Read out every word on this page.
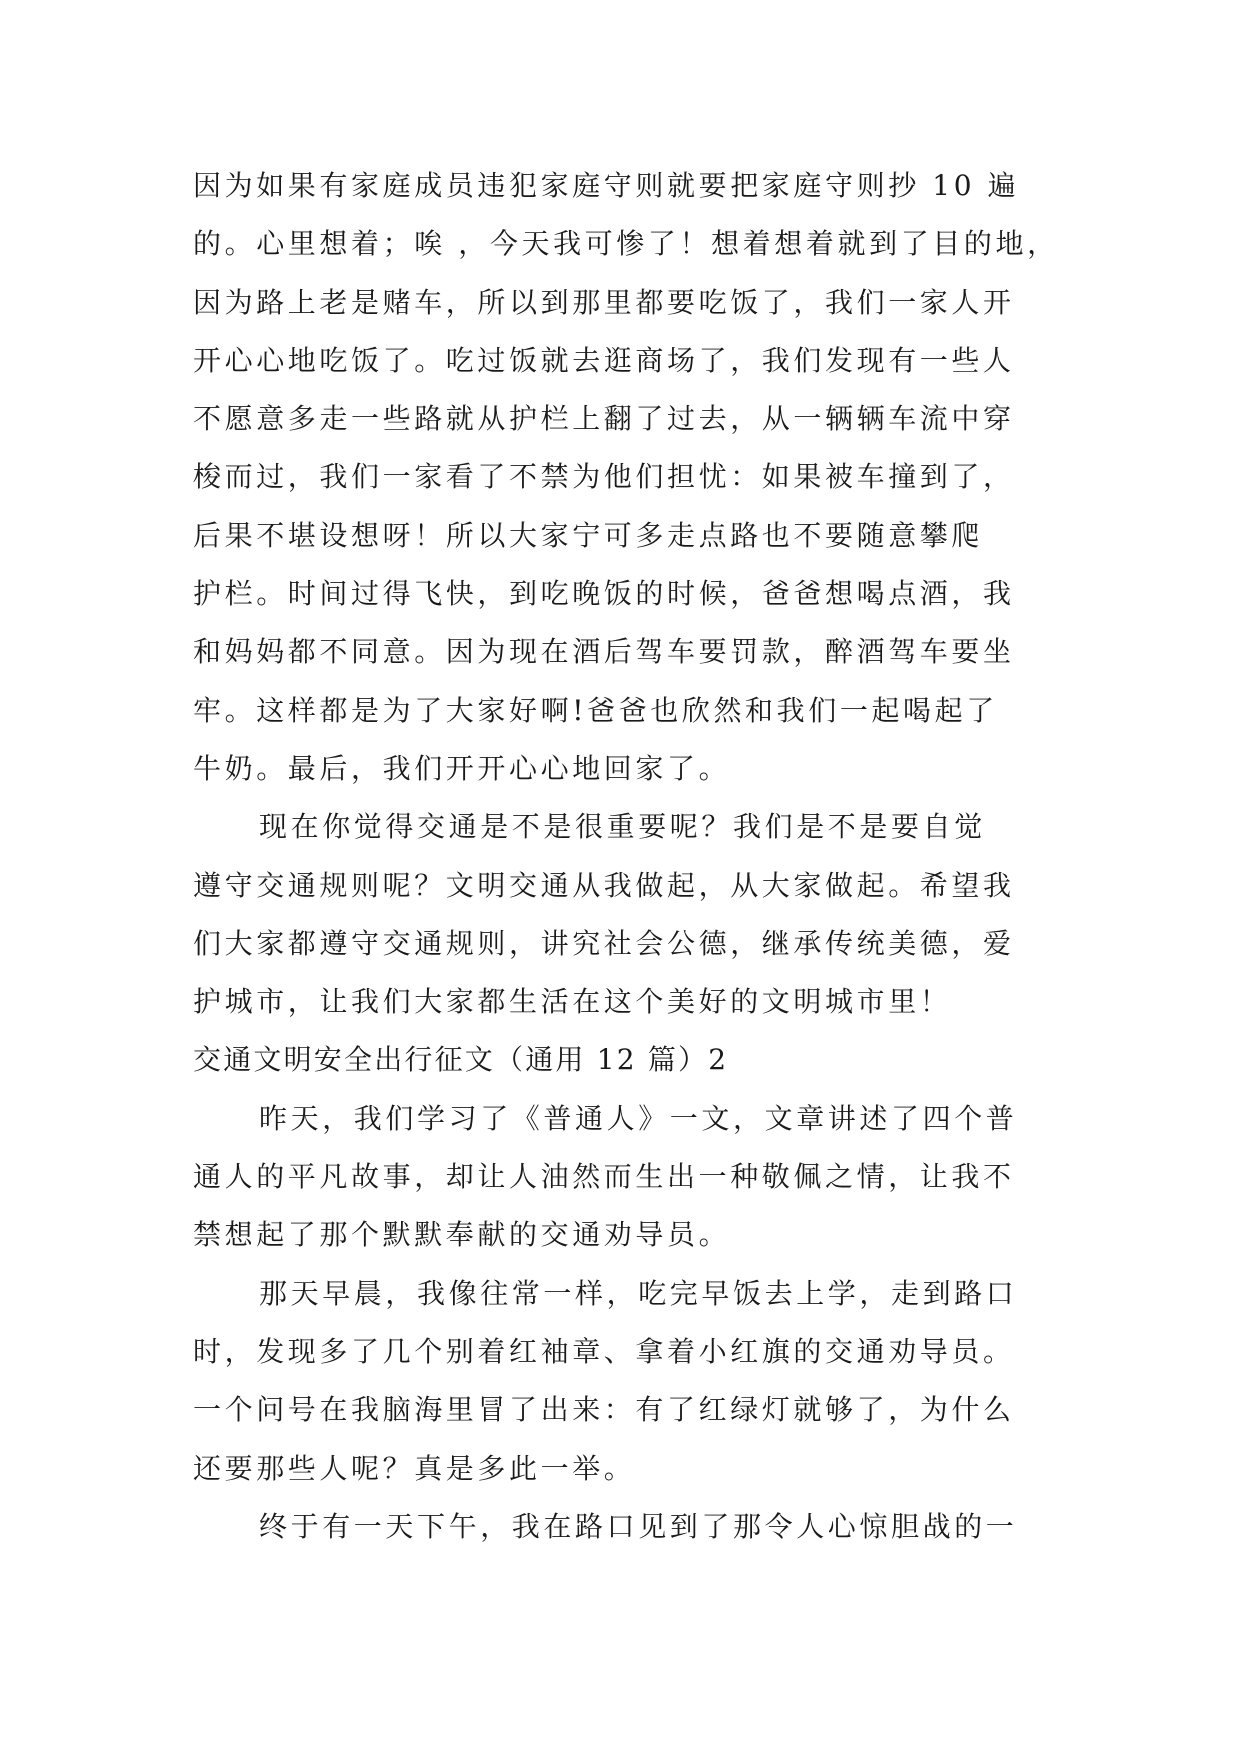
因为如果有家庭成员违犯家庭守则就要把家庭守则抄 10 遍
的。心里想着；唉 ，今天我可惨了！想着想着就到了目的地，
因为路上老是赌车，所以到那里都要吃饭了，我们一家人开
开心心地吃饭了。吃过饭就去逛商场了，我们发现有一些人
不愿意多走一些路就从护栏上翻了过去，从一辆辆车流中穿
梭而过，我们一家看了不禁为他们担忧：如果被车撞到了，
后果不堪设想呀！所以大家宁可多走点路也不要随意攀爬
护栏。时间过得飞快，到吃晚饭的时候，爸爸想喝点酒，我
和妈妈都不同意。因为现在酒后驾车要罚款，醉酒驾车要坐
牢。这样都是为了大家好啊!爸爸也欣然和我们一起喝起了
牛奶。最后，我们开开心心地回家了。
现在你觉得交通是不是很重要呢？我们是不是要自觉
遵守交通规则呢？文明交通从我做起，从大家做起。希望我
们大家都遵守交通规则，讲究社会公德，继承传统美德，爱
护城市，让我们大家都生活在这个美好的文明城市里！
交通文明安全出行征文（通用 12 篇）2
昨天，我们学习了《普通人》一文，文章讲述了四个普
通人的平凡故事，却让人油然而生出一种敬佩之情，让我不
禁想起了那个默默奉献的交通劝导员。
那天早晨，我像往常一样，吃完早饭去上学，走到路口
时，发现多了几个别着红袖章、拿着小红旗的交通劝导员。
一个问号在我脑海里冒了出来：有了红绿灯就够了，为什么
还要那些人呢？真是多此一举。
终于有一天下午，我在路口见到了那令人心惊胆战的一
